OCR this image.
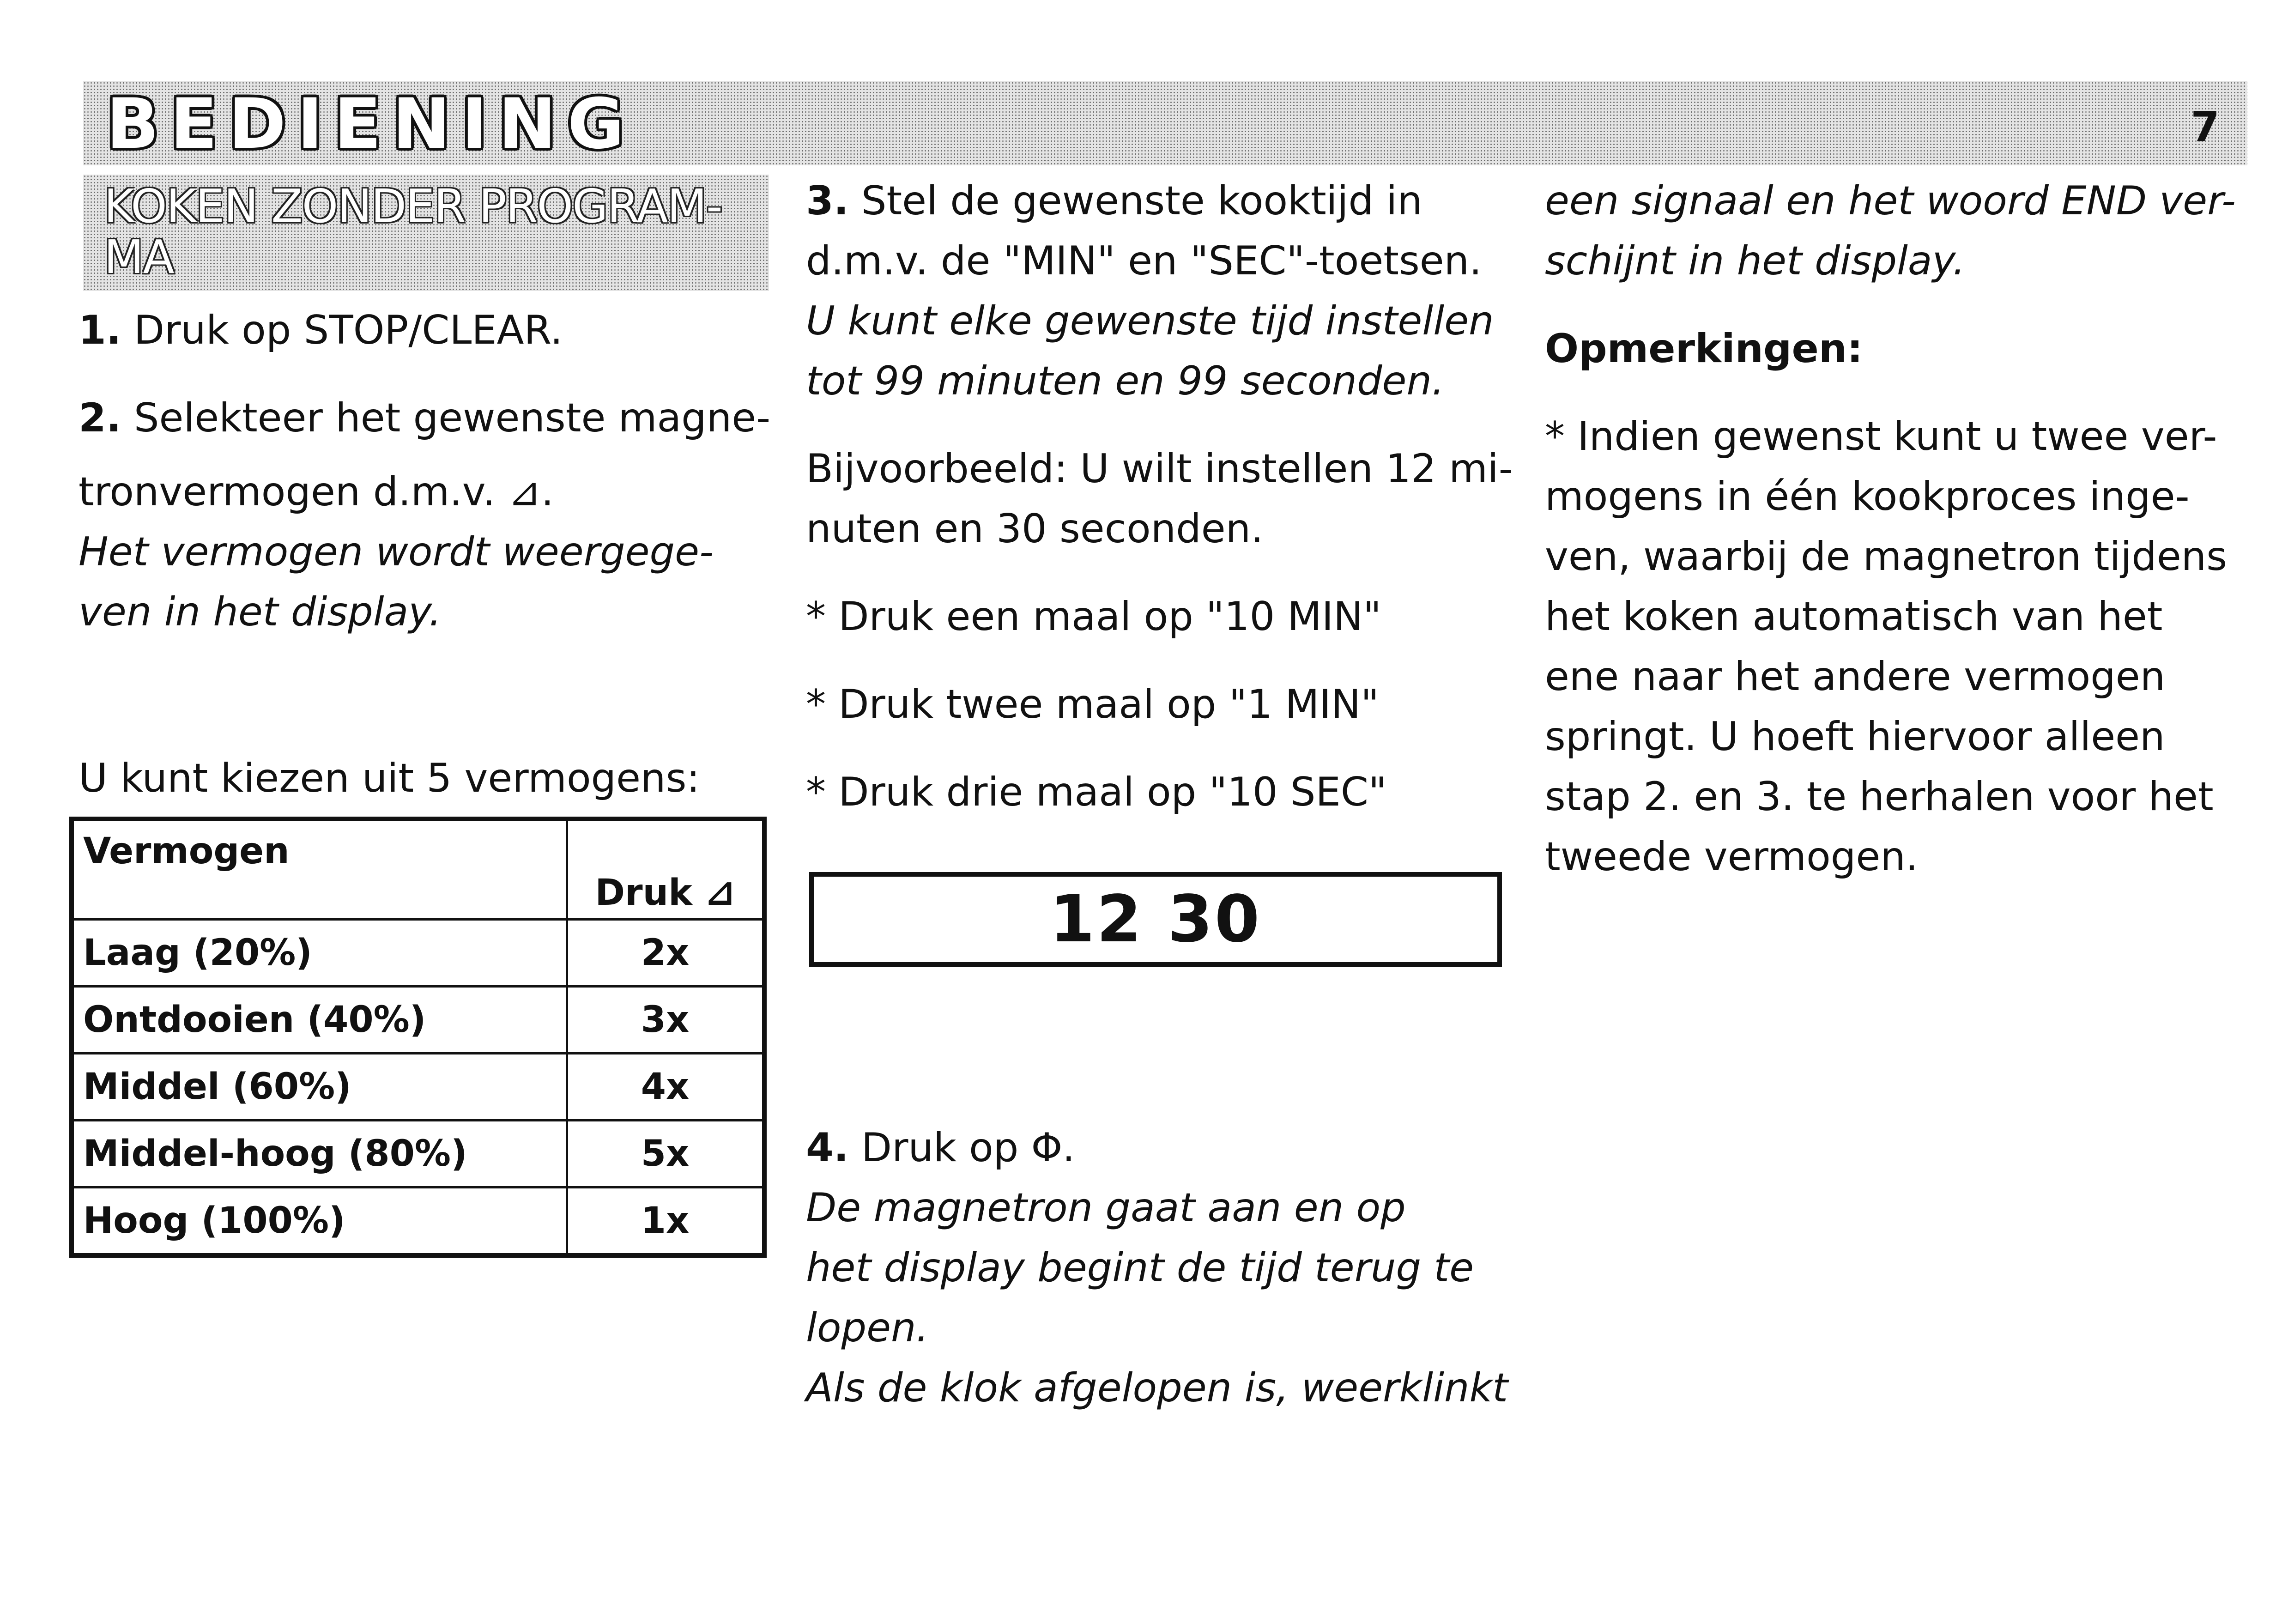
BEDIENING	7
KOKEN ZONDER PROGRAM-MA

1. Druk op STOP/CLEAR.

2. Selekteer het gewenste magne-

tronvermogen d.m.v. ⊿.

Het vermogen wordt weergege-

ven in het display.

U kunt kiezen uit 5 vermogens:

Vermogen	Druk ⊿
Laag (20%)	2x
Ontdooien (40%)	3x
Middel (60%)	4x
Middel-hoog (80%)	5x
Hoog (100%)	1x

3. Stel de gewenste kooktijd in

d.m.v. de "MIN" en "SEC"-toetsen.

U kunt elke gewenste tijd instellen

tot 99 minuten en 99 seconden.

Bijvoorbeeld: U wilt instellen 12 mi-

nuten en 30 seconden.

* Druk een maal op "10 MIN"

* Druk twee maal op "1 MIN"

* Druk drie maal op "10 SEC"

12 30

4. Druk op Φ.

De magnetron gaat aan en op

het display begint de tijd terug te

lopen.

Als de klok afgelopen is, weerklinkt

een signaal en het woord END ver-

schijnt in het display.

Opmerkingen:

* Indien gewenst kunt u twee ver-

mogens in één kookproces inge-

ven, waarbij de magnetron tijdens

het koken automatisch van het

ene naar het andere vermogen

springt. U hoeft hiervoor alleen

stap 2. en 3. te herhalen voor het

tweede vermogen.
